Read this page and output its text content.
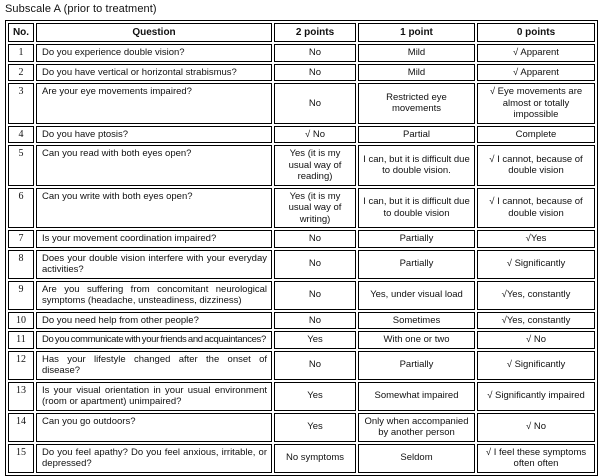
Subscale A (prior to treatment)
No.	Question	2 points	1 point	0 points
1	Do you experience double vision?	No	Mild	√ Apparent
2	Do you have vertical or horizontal strabismus?	No	Mild	√ Apparent
3	Are your eye movements impaired?	No	Restricted eye movements	√ Eye movements are almost or totally impossible
4	Do you have ptosis?	√ No	Partial	Complete
5	Can you read with both eyes open?	Yes (it is my usual way of reading)	I can, but it is difficult due to double vision.	√ I cannot, because of double vision
6	Can you write with both eyes open?	Yes (it is my usual way of writing)	I can, but it is difficult due to double vision	√ I cannot, because of double vision
7	Is your movement coordination impaired?	No	Partially	√Yes
8	Does your double vision interfere with your everyday activities?	No	Partially	√ Significantly
9	Are you suffering from concomitant neurological symptoms (headache, unsteadiness, dizziness)	No	Yes, under visual load	√Yes, constantly
10	Do you need help from other people?	No	Sometimes	√Yes, constantly
11	Do you communicate with your friends and acquaintances?	Yes	With one or two	√ No
12	Has your lifestyle changed after the onset of disease?	No	Partially	√ Significantly
13	Is your visual orientation in your usual environment (room or apartment) unimpaired?	Yes	Somewhat impaired	√ Significantly impaired
14	Can you go outdoors?	Yes	Only when accompanied by another person	√ No
15	Do you feel apathy? Do you feel anxious, irritable, or depressed?	No symptoms	Seldom	√ I feel these symptoms often often
